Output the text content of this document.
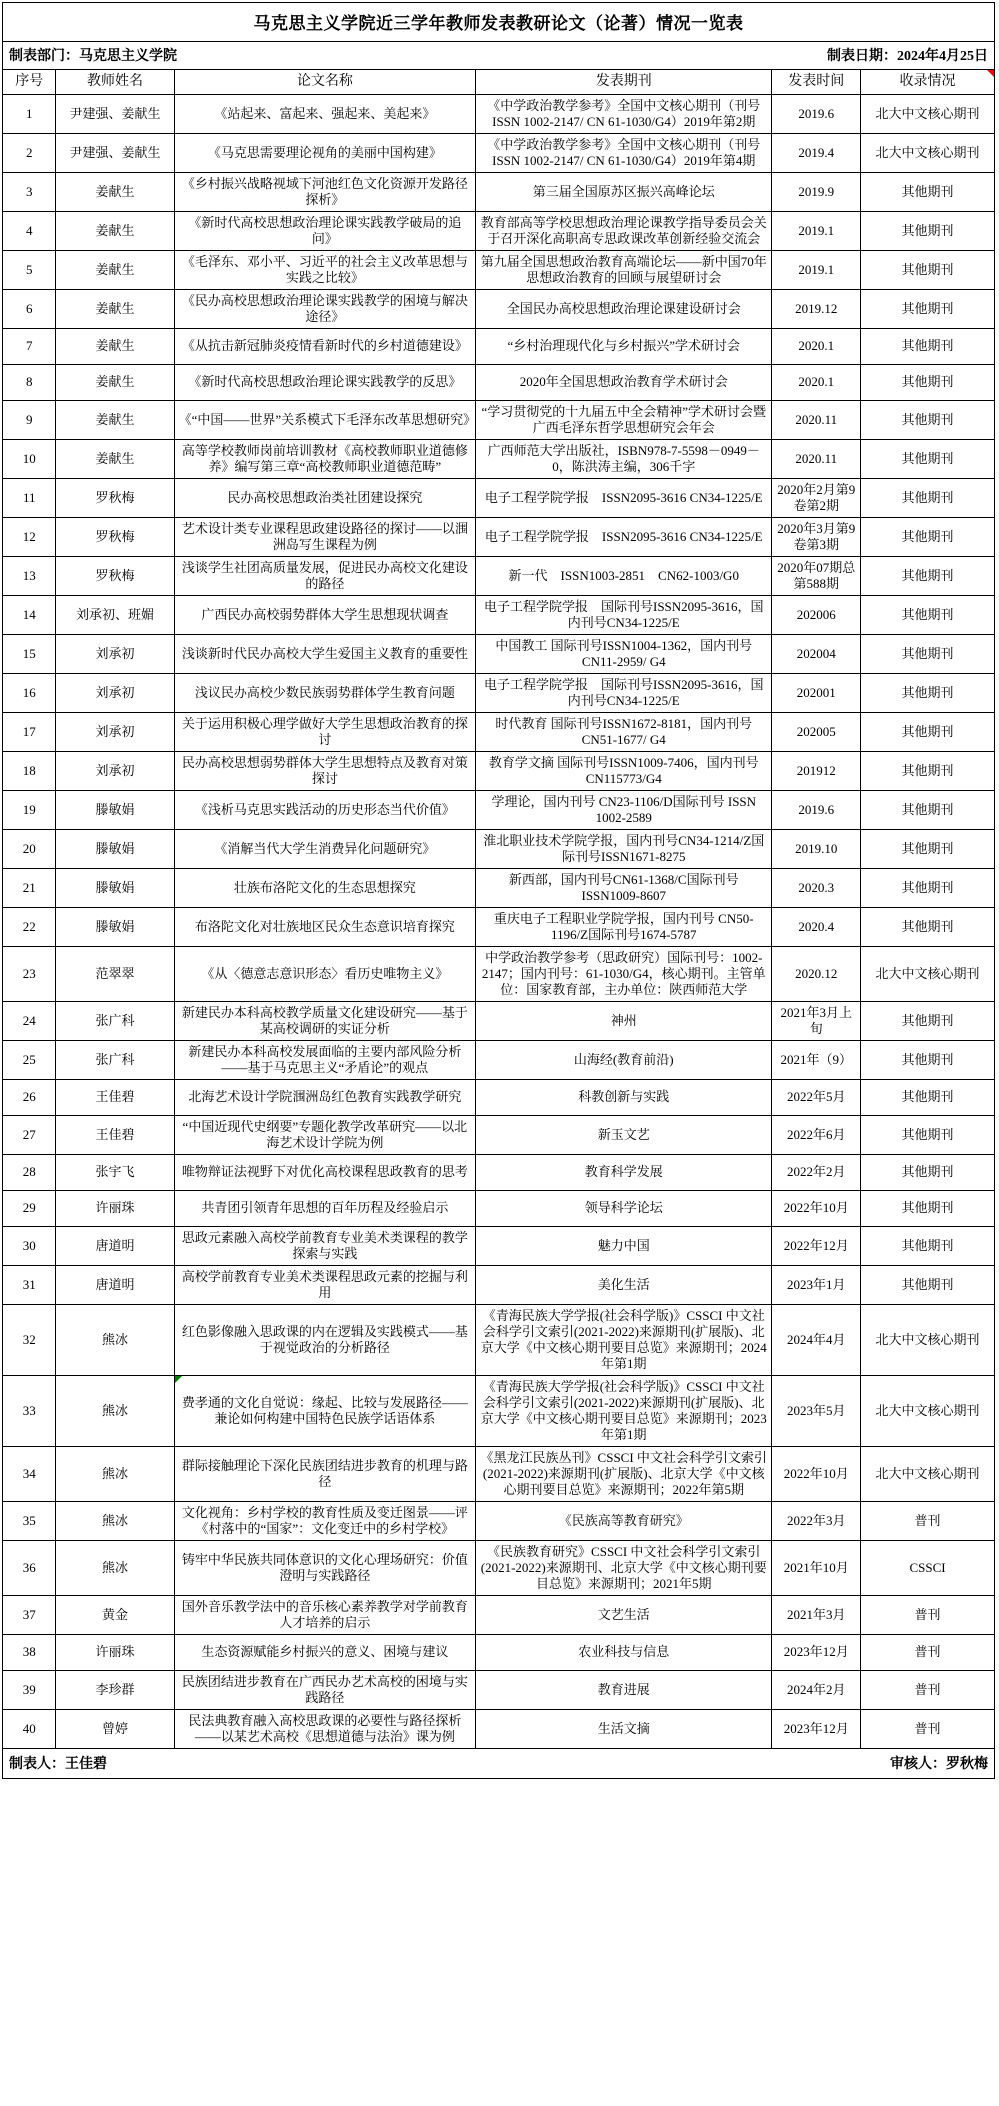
马克思主义学院近三学年教师发表教研论文（论著）情况一览表
制表部门：马克思主义学院	制表日期：2024年4月25日
序号	教师姓名	论文名称	发表期刊	发表时间	收录情况

1	尹建强、姜献生	《站起来、富起来、强起来、美起来》	《中学政治教学参考》全国中文核心期刊（刊号ISSN 1002-2147/ CN 61-1030/G4）2019年第2期	2019.6	北大中文核心期刊
2	尹建强、姜献生	《马克思需要理论视角的美丽中国构建》	《中学政治教学参考》全国中文核心期刊（刊号ISSN 1002-2147/ CN 61-1030/G4）2019年第4期	2019.4	北大中文核心期刊
3	姜献生	《乡村振兴战略视域下河池红色文化资源开发路径探析》	第三届全国原苏区振兴高峰论坛	2019.9	其他期刊
4	姜献生	《新时代高校思想政治理论课实践教学破局的追问》	教育部高等学校思想政治理论课教学指导委员会关于召开深化高职高专思政课改革创新经验交流会	2019.1	其他期刊
5	姜献生	《毛泽东、邓小平、习近平的社会主义改革思想与实践之比较》	第九届全国思想政治教育高端论坛——新中国70年思想政治教育的回顾与展望研讨会	2019.1	其他期刊
6	姜献生	《民办高校思想政治理论课实践教学的困境与解决途径》	全国民办高校思想政治理论课建设研讨会	2019.12	其他期刊
7	姜献生	《从抗击新冠肺炎疫情看新时代的乡村道德建设》	“乡村治理现代化与乡村振兴”学术研讨会	2020.1	其他期刊
8	姜献生	《新时代高校思想政治理论课实践教学的反思》	2020年全国思想政治教育学术研讨会	2020.1	其他期刊
9	姜献生	《“中国——世界”关系模式下毛泽东改革思想研究》	“学习贯彻党的十九届五中全会精神”学术研讨会暨广西毛泽东哲学思想研究会年会	2020.11	其他期刊
10	姜献生	高等学校教师岗前培训教材《高校教师职业道德修养》编写第三章“高校教师职业道德范畴”	广西师范大学出版社，ISBN978-7-5598－0949－0，陈洪涛主编，306千字	2020.11	其他期刊
11	罗秋梅	民办高校思想政治类社团建设探究	电子工程学院学报　ISSN2095-3616 CN34-1225/E	2020年2月第9卷第2期	其他期刊
12	罗秋梅	艺术设计类专业课程思政建设路径的探讨——以涠洲岛写生课程为例	电子工程学院学报　ISSN2095-3616 CN34-1225/E	2020年3月第9卷第3期	其他期刊
13	罗秋梅	浅谈学生社团高质量发展，促进民办高校文化建设的路径	新一代　ISSN1003-2851　CN62-1003/G0	2020年07期总第588期	其他期刊
14	刘承初、班媚	广西民办高校弱势群体大学生思想现状调查	电子工程学院学报　国际刊号ISSN2095-3616，国内刊号CN34-1225/E	202006	其他期刊
15	刘承初	浅谈新时代民办高校大学生爱国主义教育的重要性	中国教工 国际刊号ISSN1004-1362，国内刊号CN11-2959/ G4	202004	其他期刊
16	刘承初	浅议民办高校少数民族弱势群体学生教育问题	电子工程学院学报　国际刊号ISSN2095-3616，国内刊号CN34-1225/E	202001	其他期刊
17	刘承初	关于运用积极心理学做好大学生思想政治教育的探讨	时代教育 国际刊号ISSN1672-8181，国内刊号CN51-1677/ G4	202005	其他期刊
18	刘承初	民办高校思想弱势群体大学生思想特点及教育对策探讨	教育学文摘 国际刊号ISSN1009-7406，国内刊号CN115773/G4	201912	其他期刊
19	滕敏娟	《浅析马克思实践活动的历史形态当代价值》	学理论，国内刊号 CN23-1106/D国际刊号 ISSN 1002-2589	2019.6	其他期刊
20	滕敏娟	《消解当代大学生消费异化问题研究》	淮北职业技术学院学报，国内刊号CN34-1214/Z国际刊号ISSN1671-8275	2019.10	其他期刊
21	滕敏娟	壮族布洛陀文化的生态思想探究	新西部，国内刊号CN61-1368/C国际刊号 ISSN1009-8607	2020.3	其他期刊
22	滕敏娟	布洛陀文化对壮族地区民众生态意识培育探究	重庆电子工程职业学院学报，国内刊号 CN50-1196/Z国际刊号1674-5787	2020.4	其他期刊
23	范翠翠	《从〈德意志意识形态〉看历史唯物主义》	中学政治教学参考（思政研究）国际刊号：1002-2147；国内刊号：61-1030/G4，核心期刊。主管单位：国家教育部，主办单位：陕西师范大学	2020.12	北大中文核心期刊
24	张广科	新建民办本科高校教学质量文化建设研究——基于某高校调研的实证分析	神州	2021年3月上旬	其他期刊
25	张广科	新建民办本科高校发展面临的主要内部风险分析——基于马克思主义“矛盾论”的观点	山海经(教育前沿)	2021年（9）	其他期刊
26	王佳碧	北海艺术设计学院涠洲岛红色教育实践教学研究	科教创新与实践	2022年5月	其他期刊
27	王佳碧	“中国近现代史纲要”专题化教学改革研究——以北海艺术设计学院为例	新玉文艺	2022年6月	其他期刊
28	张宇飞	唯物辩证法视野下对优化高校课程思政教育的思考	教育科学发展	2022年2月	其他期刊
29	许丽珠	共青团引领青年思想的百年历程及经验启示	领导科学论坛	2022年10月	其他期刊
30	唐道明	思政元素融入高校学前教育专业美术类课程的教学探索与实践	魅力中国	2022年12月	其他期刊
31	唐道明	高校学前教育专业美术类课程思政元素的挖掘与利用	美化生活	2023年1月	其他期刊
32	熊冰	红色影像融入思政课的内在逻辑及实践模式——基于视觉政治的分析路径	《青海民族大学学报(社会科学版)》CSSCI 中文社会科学引文索引(2021-2022)来源期刊(扩展版)、北京大学《中文核心期刊要目总览》来源期刊；2024年第1期	2024年4月	北大中文核心期刊
33	熊冰	费孝通的文化自觉说：缘起、比较与发展路径——兼论如何构建中国特色民族学话语体系	《青海民族大学学报(社会科学版)》CSSCI 中文社会科学引文索引(2021-2022)来源期刊(扩展版)、北京大学《中文核心期刊要目总览》来源期刊；2023年第1期	2023年5月	北大中文核心期刊
34	熊冰	群际接触理论下深化民族团结进步教育的机理与路径	《黑龙江民族丛刊》CSSCI 中文社会科学引文索引(2021-2022)来源期刊(扩展版)、北京大学《中文核心期刊要目总览》来源期刊；2022年第5期	2022年10月	北大中文核心期刊
35	熊冰	文化视角：乡村学校的教育性质及变迁图景——评《村落中的“国家”：文化变迁中的乡村学校》	《民族高等教育研究》	2022年3月	普刊
36	熊冰	铸牢中华民族共同体意识的文化心理场研究：价值澄明与实践路径	《民族教育研究》CSSCI 中文社会科学引文索引(2021-2022)来源期刊、北京大学《中文核心期刊要目总览》来源期刊；2021年5期	2021年10月	CSSCI
37	黄金	国外音乐教学法中的音乐核心素养教学对学前教育人才培养的启示	文艺生活	2021年3月	普刊
38	许丽珠	生态资源赋能乡村振兴的意义、困境与建议	农业科技与信息	2023年12月	普刊
39	李珍群	民族团结进步教育在广西民办艺术高校的困境与实践路径	教育进展	2024年2月	普刊
40	曾婷	民法典教育融入高校思政课的必要性与路径探析——以某艺术高校《思想道德与法治》课为例	生活文摘	2023年12月	普刊
制表人：王佳碧	审核人：罗秋梅
